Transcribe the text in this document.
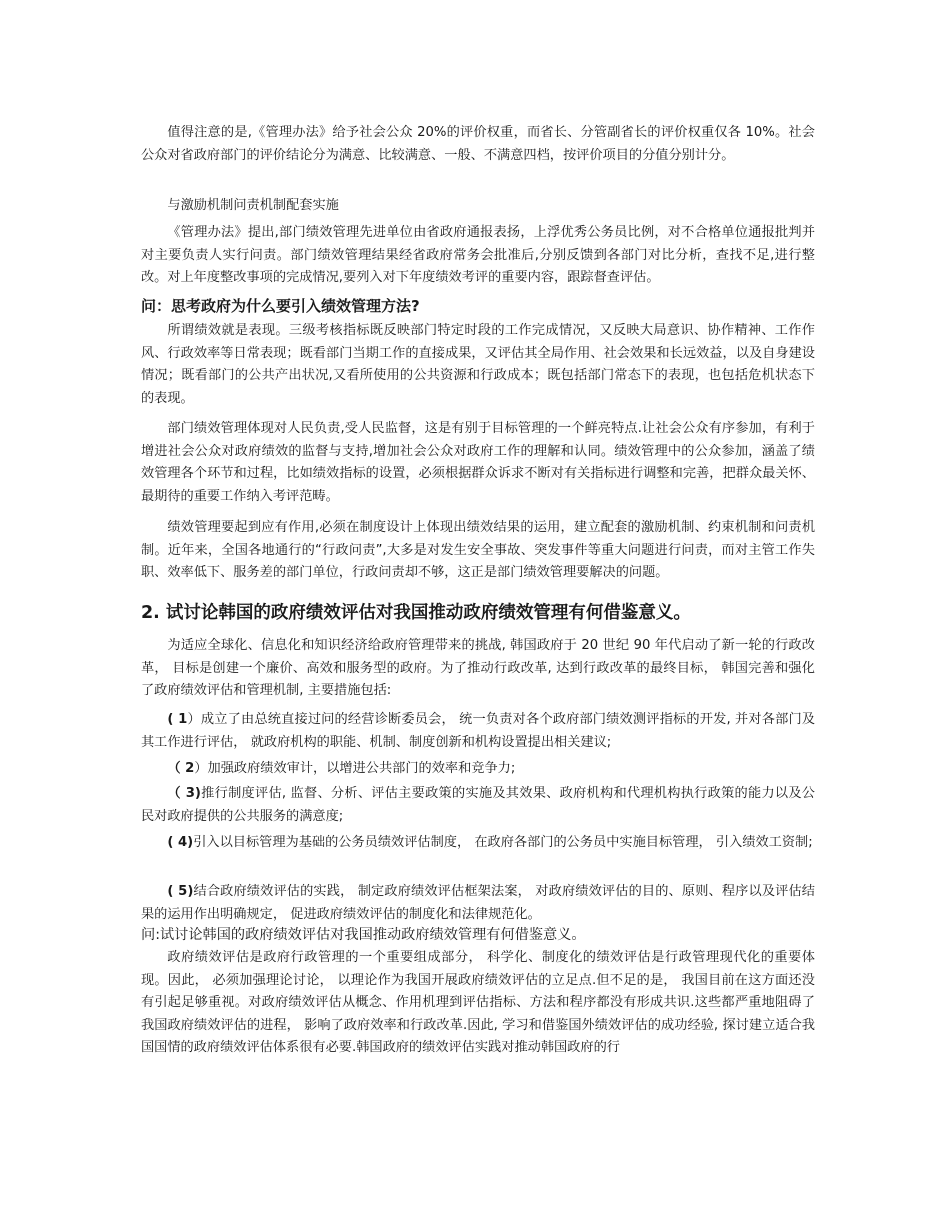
值得注意的是,《管理办法》给予社会公众 20%的评价权重，而省长、分管副省长的评价权重仅各 10%。社会公众对省政府部门的评价结论分为满意、比较满意、一般、不满意四档，按评价项目的分值分别计分。
与激励机制问责机制配套实施
《管理办法》提出,部门绩效管理先进单位由省政府通报表扬，上浮优秀公务员比例，对不合格单位通报批判并对主要负责人实行问责。部门绩效管理结果经省政府常务会批准后,分别反馈到各部门对比分析，查找不足,进行整改。对上年度整改事项的完成情况,要列入对下年度绩效考评的重要内容，跟踪督查评估。
问：思考政府为什么要引入绩效管理方法?
所谓绩效就是表现。三级考核指标既反映部门特定时段的工作完成情况，又反映大局意识、协作精神、工作作风、行政效率等日常表现；既看部门当期工作的直接成果，又评估其全局作用、社会效果和长远效益，以及自身建设情况；既看部门的公共产出状况,又看所使用的公共资源和行政成本；既包括部门常态下的表现，也包括危机状态下的表现。
部门绩效管理体现对人民负责,受人民监督，这是有别于目标管理的一个鲜亮特点.让社会公众有序参加，有利于增进社会公众对政府绩效的监督与支持,增加社会公众对政府工作的理解和认同。绩效管理中的公众参加，涵盖了绩效管理各个环节和过程，比如绩效指标的设置，必须根据群众诉求不断对有关指标进行调整和完善，把群众最关怀、最期待的重要工作纳入考评范畴。
绩效管理要起到应有作用,必须在制度设计上体现出绩效结果的运用，建立配套的激励机制、约束机制和问责机制。近年来，全国各地通行的“行政问责”,大多是对发生安全事故、突发事件等重大问题进行问责，而对主管工作失职、效率低下、服务差的部门单位，行政问责却不够，这正是部门绩效管理要解决的问题。
2. 试讨论韩国的政府绩效评估对我国推动政府绩效管理有何借鉴意义。
为适应全球化、信息化和知识经济给政府管理带来的挑战, 韩国政府于 20 世纪 90 年代启动了新一轮的行政改革， 目标是创建一个廉价、高效和服务型的政府。为了推动行政改革, 达到行政改革的最终目标， 韩国完善和强化了政府绩效评估和管理机制, 主要措施包括:
( 1）成立了由总统直接过问的经营诊断委员会， 统一负责对各个政府部门绩效测评指标的开发, 并对各部门及其工作进行评估， 就政府机构的职能、机制、制度创新和机构设置提出相关建议;
（ 2）加强政府绩效审计，以增进公共部门的效率和竞争力;
（ 3)推行制度评估, 监督、分析、评估主要政策的实施及其效果、政府机构和代理机构执行政策的能力以及公民对政府提供的公共服务的满意度;
( 4)引入以目标管理为基础的公务员绩效评估制度， 在政府各部门的公务员中实施目标管理， 引入绩效工资制;
( 5)结合政府绩效评估的实践， 制定政府绩效评估框架法案， 对政府绩效评估的目的、原则、程序以及评估结果的运用作出明确规定， 促进政府绩效评估的制度化和法律规范化。
问:试讨论韩国的政府绩效评估对我国推动政府绩效管理有何借鉴意义。
政府绩效评估是政府行政管理的一个重要组成部分， 科学化、制度化的绩效评估是行政管理现代化的重要体现。因此， 必须加强理论讨论， 以理论作为我国开展政府绩效评估的立足点.但不足的是， 我国目前在这方面还没有引起足够重视。对政府绩效评估从概念、作用机理到评估指标、方法和程序都没有形成共识.这些都严重地阻碍了我国政府绩效评估的进程， 影响了政府效率和行政改革.因此, 学习和借鉴国外绩效评估的成功经验, 探讨建立适合我国国情的政府绩效评估体系很有必要.韩国政府的绩效评估实践对推动韩国政府的行
